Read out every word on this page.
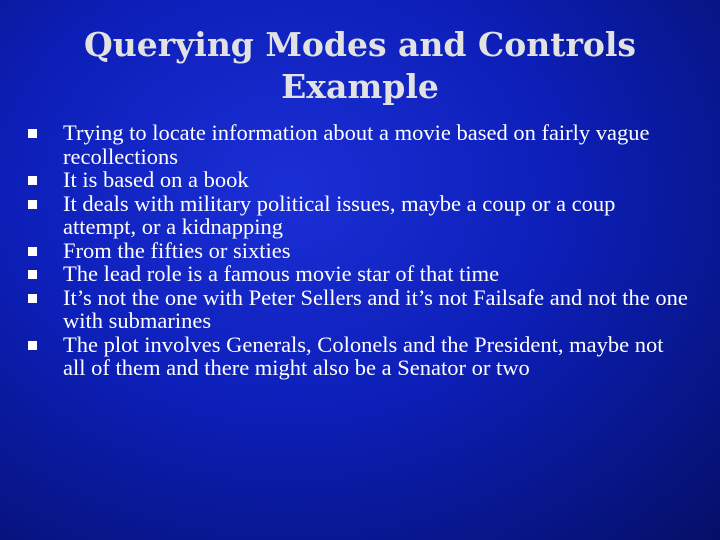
Querying Modes and Controls
Example
Trying to locate information about a movie based on fairly vague recollections
It is based on a book
It deals with military political issues, maybe a coup or a coup attempt, or a kidnapping
From the fifties or sixties
The lead role is a famous movie star of that time
It’s not the one with Peter Sellers and it’s not Failsafe and not the one with submarines
The plot involves Generals, Colonels and the President, maybe not all of them and there might also be a Senator or two
